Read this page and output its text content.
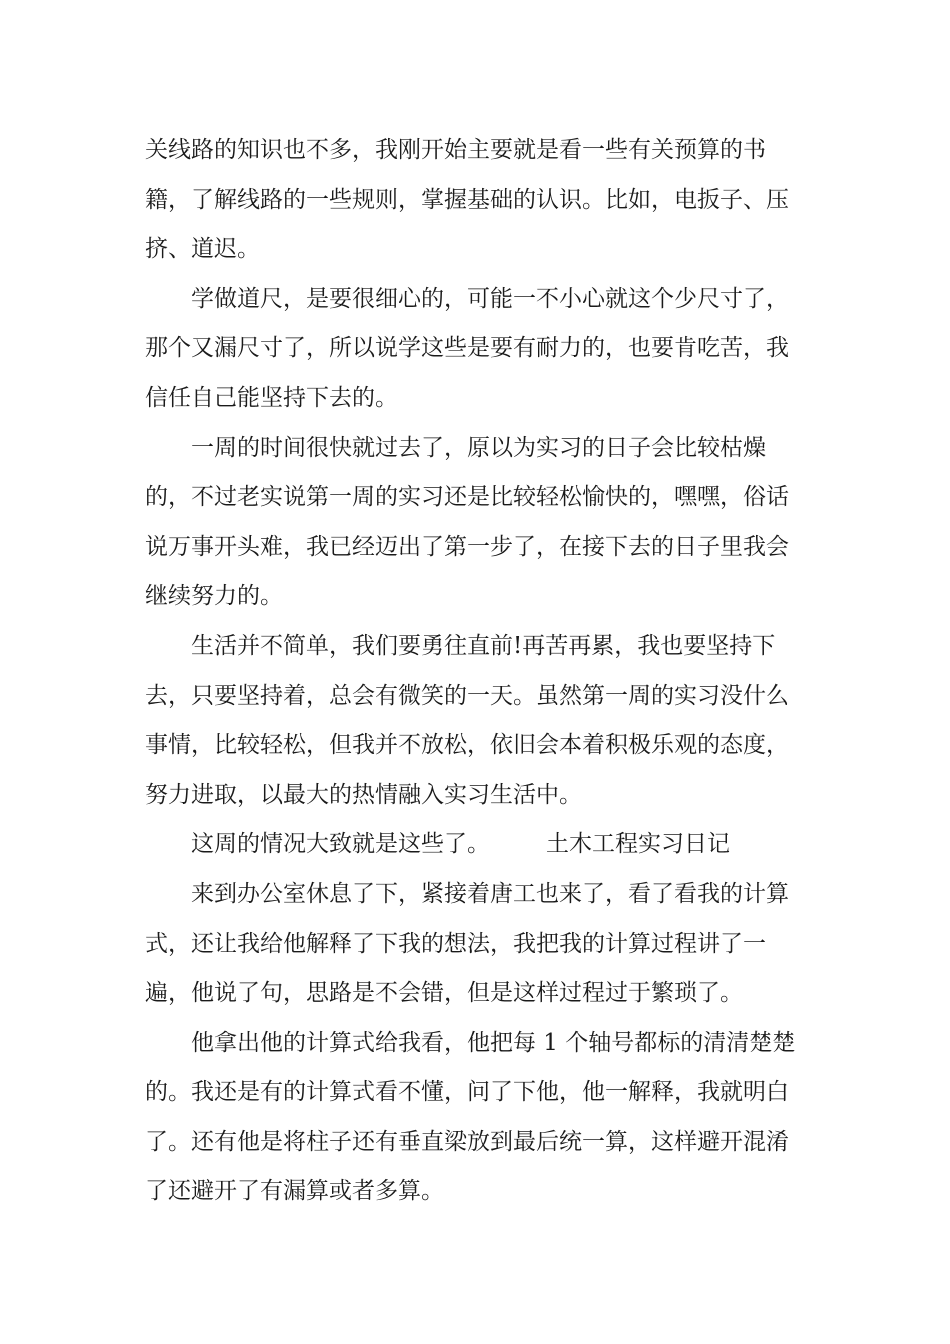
关线路的知识也不多，我刚开始主要就是看一些有关预算的书籍，了解线路的一些规则，掌握基础的认识。比如，电扳子、压挤、道迟。

学做道尺，是要很细心的，可能一不小心就这个少尺寸了，那个又漏尺寸了，所以说学这些是要有耐力的，也要肯吃苦，我信任自己能坚持下去的。

一周的时间很快就过去了，原以为实习的日子会比较枯燥的，不过老实说第一周的实习还是比较轻松愉快的，嘿嘿，俗话说万事开头难，我已经迈出了第一步了，在接下去的日子里我会继续努力的。

生活并不简单，我们要勇往直前!再苦再累，我也要坚持下去，只要坚持着，总会有微笑的一天。虽然第一周的实习没什么事情，比较轻松，但我并不放松，依旧会本着积极乐观的态度，努力进取，以最大的热情融入实习生活中。

这周的情况大致就是这些了。 土木工程实习日记

来到办公室休息了下，紧接着唐工也来了，看了看我的计算式，还让我给他解释了下我的想法，我把我的计算过程讲了一遍，他说了句，思路是不会错，但是这样过程过于繁琐了。

他拿出他的计算式给我看，他把每 1 个轴号都标的清清楚楚的。我还是有的计算式看不懂，问了下他，他一解释，我就明白了。还有他是将柱子还有垂直梁放到最后统一算，这样避开混淆了还避开了有漏算或者多算。
